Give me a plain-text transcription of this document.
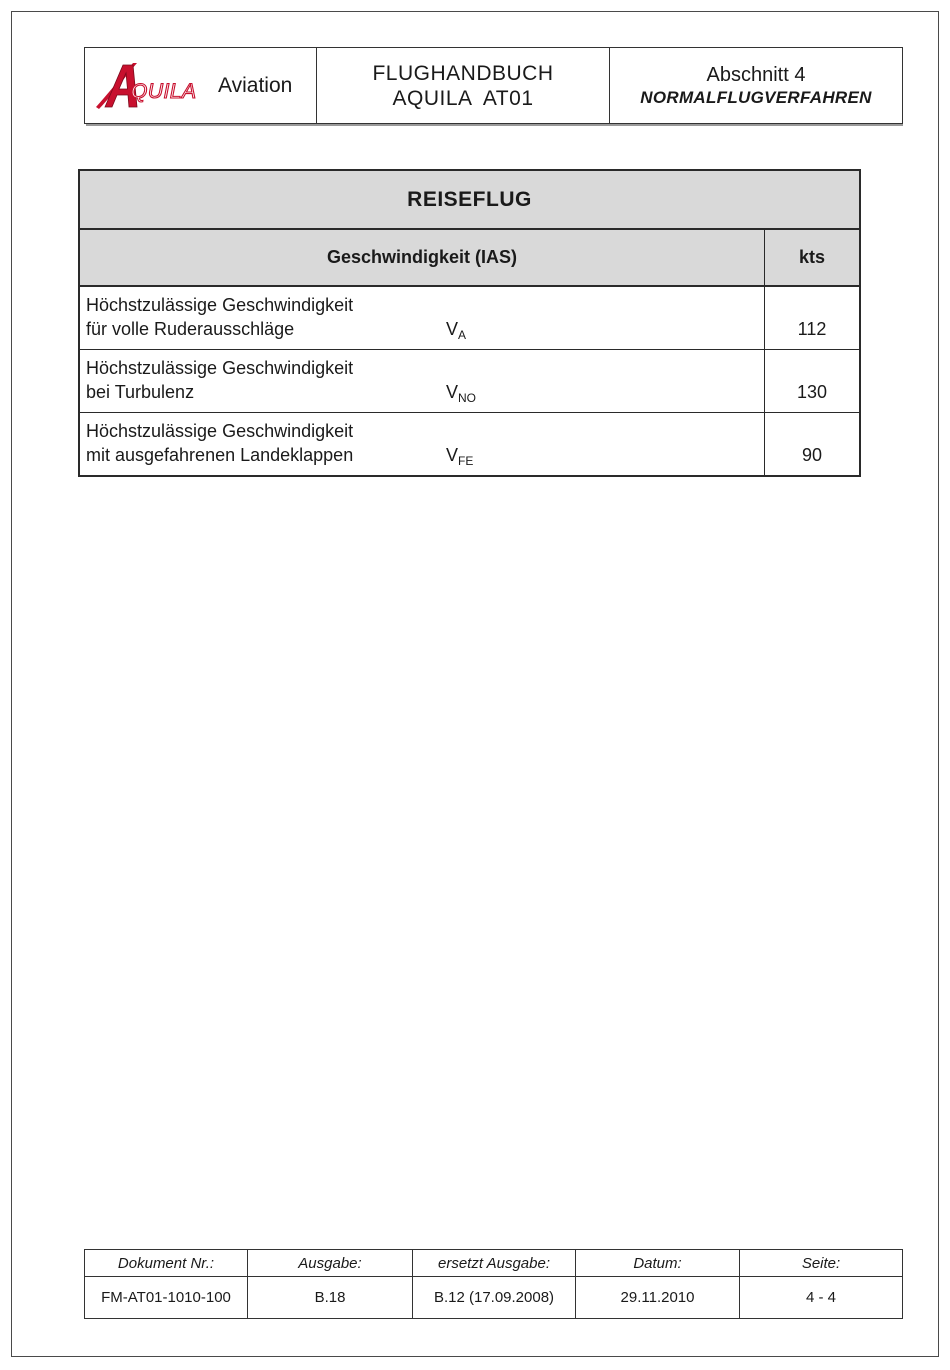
QUILA Aviation
FLUGHANDBUCH
AQUILA  AT01
Abschnitt 4
NORMALFLUGVERFAHREN
REISEFLUG
Geschwindigkeit (IAS)	kts
Höchstzulässige Geschwindigkeit
für volle Ruderausschläge	$V_A$	112
Höchstzulässige Geschwindigkeit
bei Turbulenz	$V_{NO}$	130
Höchstzulässige Geschwindigkeit
mit ausgefahrenen Landeklappen	$V_{FE}$	90
Dokument Nr.:	Ausgabe:	ersetzt Ausgabe:	Datum:	Seite:
FM-AT01-1010-100	B.18	B.12 (17.09.2008)	29.11.2010	4 - 4
